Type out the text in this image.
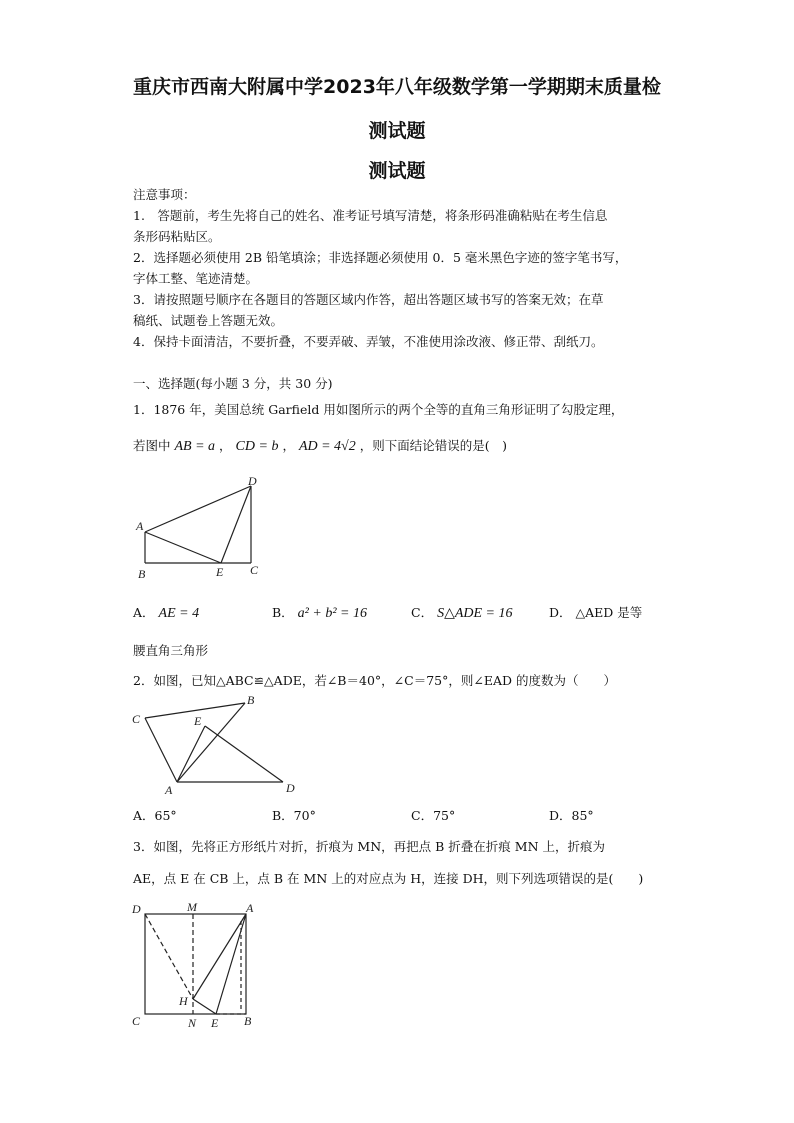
重庆市西南大附属中学2023年八年级数学第一学期期末质量检
测试题
测试题
注意事项：
1.　答题前，考生先将自己的姓名、准考证号填写清楚，将条形码准确粘贴在考生信息
条形码粘贴区。
2．选择题必须使用 2B 铅笔填涂；非选择题必须使用 0．5 毫米黑色字迹的签字笔书写，
字体工整、笔迹清楚。
3．请按照题号顺序在各题目的答题区域内作答，超出答题区域书写的答案无效；在草
稿纸、试题卷上答题无效。
4．保持卡面清洁，不要折叠，不要弄破、弄皱，不准使用涂改液、修正带、刮纸刀。
一、选择题(每小题 3 分，共 30 分)
1．1876 年，美国总统 Garfield 用如图所示的两个全等的直角三角形证明了勾股定理，
若图中 AB = a ， CD = b ， AD = 4√2 ，则下面结论错误的是(　)
A
B	E C
D
A． AE = 4	B． a² + b² = 16	C． S△ADE = 16	D． △AED 是等
腰直角三角形
2．如图，已知△ABC≌△ADE，若∠B＝40°，∠C＝75°，则∠EAD 的度数为（　　）
C
B
E
A	D
A．65°	B．70°	C．75°	D．85°
3．如图，先将正方形纸片对折，折痕为 MN，再把点 B 折叠在折痕 MN 上，折痕为
AE，点 E 在 CB 上，点 B 在 MN 上的对应点为 H，连接 DH，则下列选项错误的是(　　)
D	M	A
H
C	N E B
